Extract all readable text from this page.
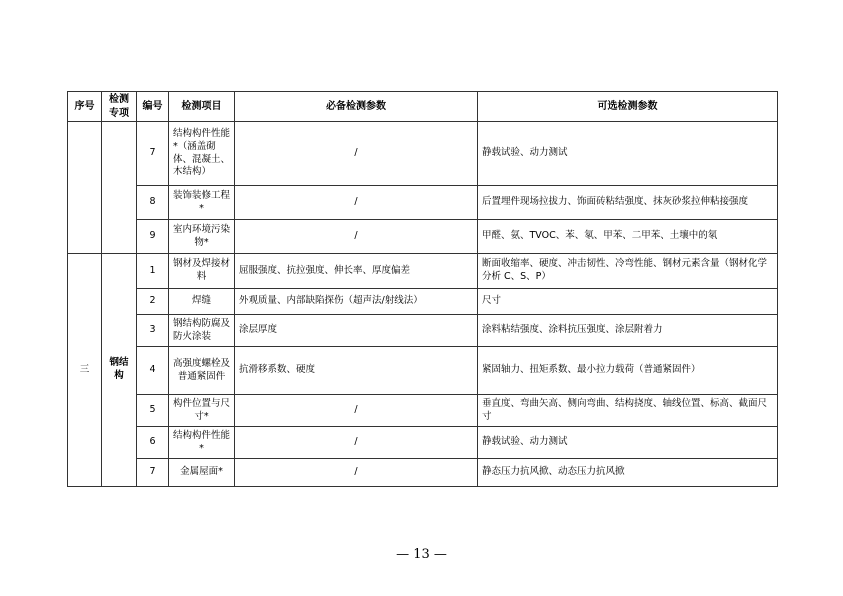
序号	检测专项	编号	检测项目	必备检测参数	可选检测参数
		7	结构构件性能*（涵盖砌体、混凝土、木结构）	/	静载试验、动力测试
		8	装饰装修工程*	/	后置埋件现场拉拔力、饰面砖粘结强度、抹灰砂浆拉伸粘接强度
		9	室内环境污染物*	/	甲醛、氨、TVOC、苯、氡、甲苯、二甲苯、土壤中的氡
三	钢结构	1	钢材及焊接材料	屈服强度、抗拉强度、伸长率、厚度偏差	断面收缩率、硬度、冲击韧性、冷弯性能、钢材元素含量（钢材化学分析 C、S、P）
		2	焊缝	外观质量、内部缺陷探伤（超声法/射线法）	尺寸
		3	钢结构防腐及防火涂装	涂层厚度	涂料粘结强度、涂料抗压强度、涂层附着力
		4	高强度螺栓及普通紧固件	抗滑移系数、硬度	紧固轴力、扭矩系数、最小拉力载荷（普通紧固件）
		5	构件位置与尺寸*	/	垂直度、弯曲矢高、侧向弯曲、结构挠度、轴线位置、标高、截面尺寸
		6	结构构件性能*	/	静载试验、动力测试
		7	金属屋面*	/	静态压力抗风掀、动态压力抗风掀
— 13 —
